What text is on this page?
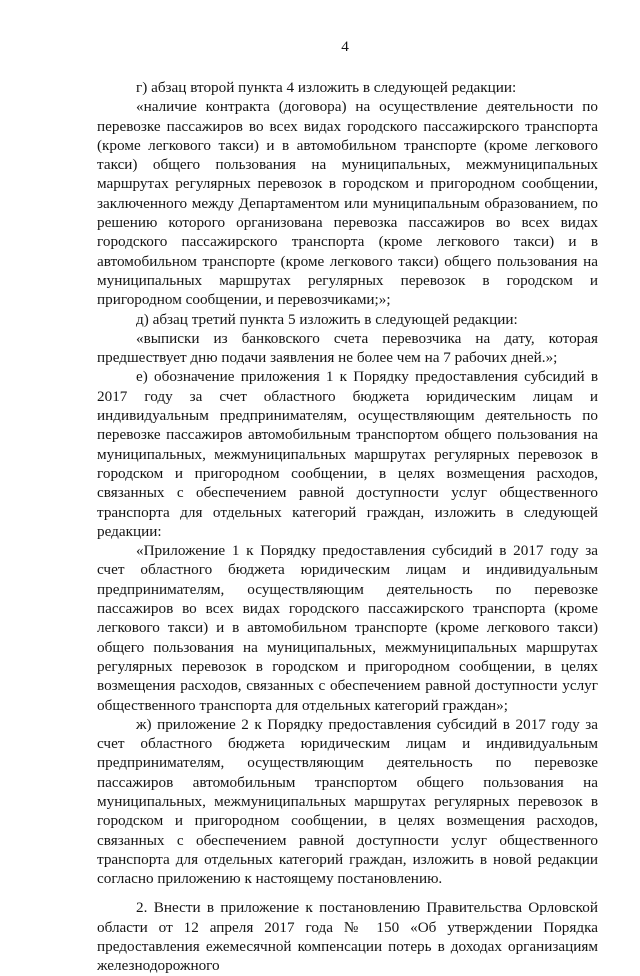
4

г) абзац второй пункта 4 изложить в следующей редакции:

«наличие контракта (договора) на осуществление деятельности по перевозке пассажиров во всех видах городского пассажирского транспорта (кроме легкового такси) и в автомобильном транспорте (кроме легкового такси) общего пользования на муниципальных, межмуниципальных маршрутах регулярных перевозок в городском и пригородном сообщении, заключенного между Департаментом или муниципальным образованием, по решению которого организована перевозка пассажиров во всех видах городского пассажирского транспорта (кроме легкового такси) и в автомобильном транспорте (кроме легкового такси) общего пользования на муниципальных маршрутах регулярных перевозок в городском и пригородном сообщении, и перевозчиками;»;

д) абзац третий пункта 5 изложить в следующей редакции:

«выписки из банковского счета перевозчика на дату, которая предшествует дню подачи заявления не более чем на 7 рабочих дней.»;

е) обозначение приложения 1 к Порядку предоставления субсидий в 2017 году за счет областного бюджета юридическим лицам и индивидуальным предпринимателям, осуществляющим деятельность по перевозке пассажиров автомобильным транспортом общего пользования на муниципальных, межмуниципальных маршрутах регулярных перевозок в городском и пригородном сообщении, в целях возмещения расходов, связанных с обеспечением равной доступности услуг общественного транспорта для отдельных категорий граждан, изложить в следующей редакции:

«Приложение 1 к Порядку предоставления субсидий в 2017 году за счет областного бюджета юридическим лицам и индивидуальным предпринимателям, осуществляющим деятельность по перевозке пассажиров во всех видах городского пассажирского транспорта (кроме легкового такси) и в автомобильном транспорте (кроме легкового такси) общего пользования на муниципальных, межмуниципальных маршрутах регулярных перевозок в городском и пригородном сообщении, в целях возмещения расходов, связанных с обеспечением равной доступности услуг общественного транспорта для отдельных категорий граждан»;

ж) приложение 2 к Порядку предоставления субсидий в 2017 году за счет областного бюджета юридическим лицам и индивидуальным предпринимателям, осуществляющим деятельность по перевозке пассажиров автомобильным транспортом общего пользования на муниципальных, межмуниципальных маршрутах регулярных перевозок в городском и пригородном сообщении, в целях возмещения расходов, связанных с обеспечением равной доступности услуг общественного транспорта для отдельных категорий граждан, изложить в новой редакции согласно приложению к настоящему постановлению.

2. Внести в приложение к постановлению Правительства Орловской области от 12 апреля 2017 года № 150 «Об утверждении Порядка предоставления ежемесячной компенсации потерь в доходах организациям железнодорожного
